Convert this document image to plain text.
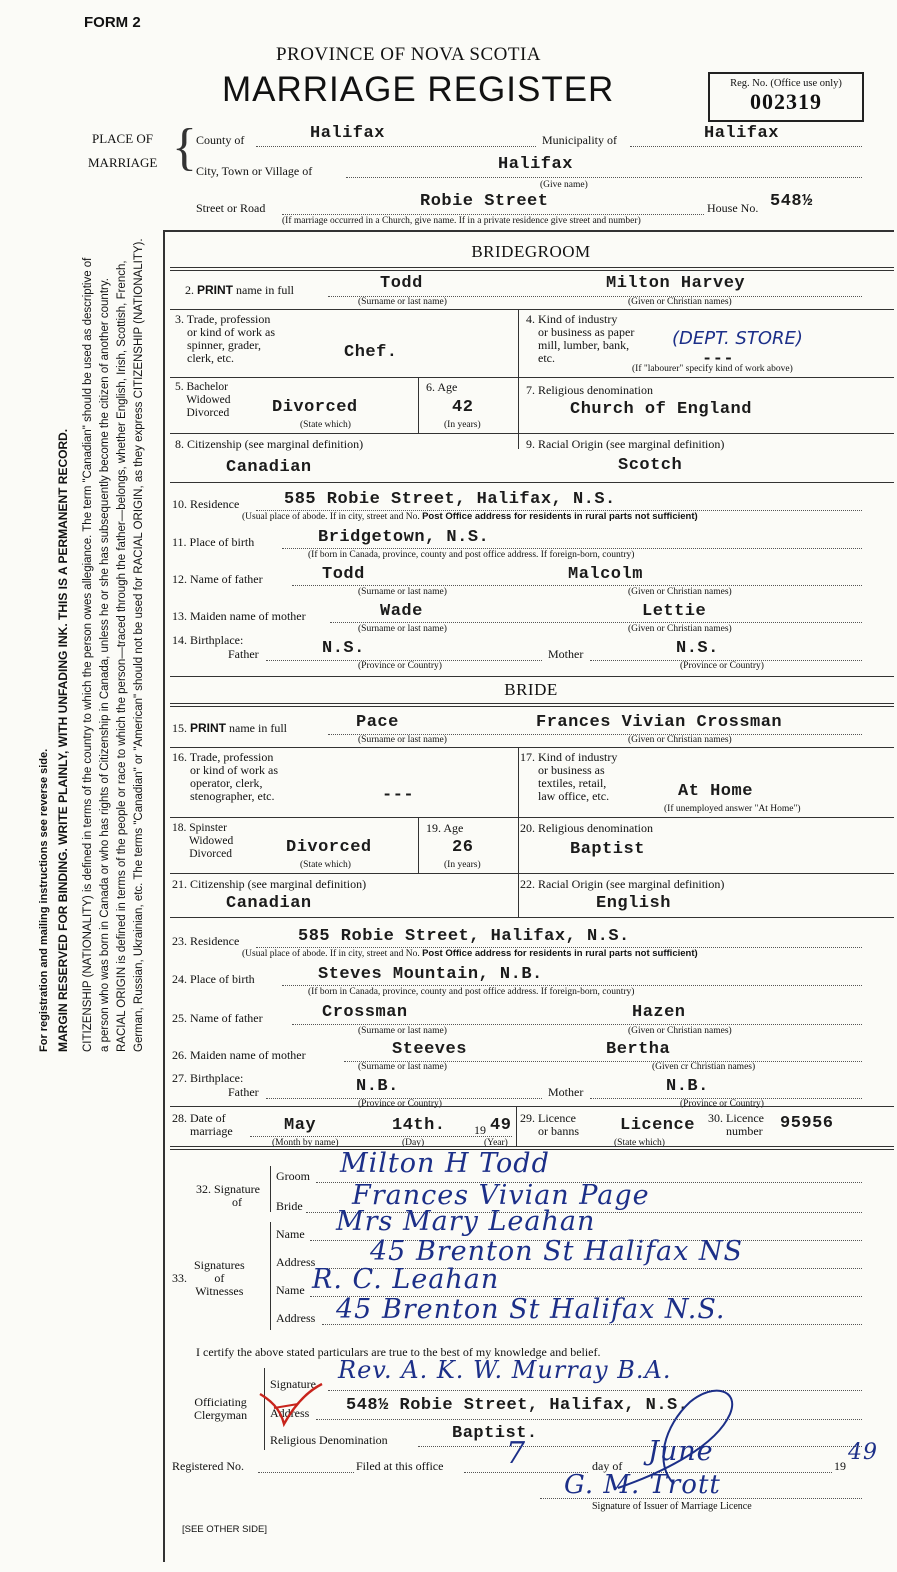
FORM 2
PROVINCE OF NOVA SCOTIA
MARRIAGE REGISTER	Reg. No. (Office use only)
002319
PLACE OF
MARRIAGE { County of	Halifax	Municipality of	Halifax
City, Town or Village of	Halifax
(Give name)
Street or Road	Robie Street	House No. 548½
(If marriage occurred in a Church, give name. If in a private residence give street and number)
For registration and mailing instructions see reverse side. MARGIN RESERVED FOR BINDING. WRITE PLAINLY, WITH UNFADING INK. THIS IS A PERMANENT RECORD. CITIZENSHIP (NATIONALITY) is defined in terms of the country to which the person owes allegiance. The term "Canadian" should be used as descriptive of a person who was born in Canada or who has rights of Citizenship in Canada, unless he or she has subsequently become the citizen of another country. RACIAL ORIGIN is defined in terms of the people or race to which the person—traced through the father—belongs, whether English, Irish, Scottish, French, German, Russian, Ukrainian, etc. The terms "Canadian" or "American" should not be used for RACIAL ORIGIN, as they express CITIZENSHIP (NATIONALITY).	BRIDEGROOM
2. PRINT name in full	Todd	Milton Harvey
(Surname or last name)	(Given or Christian names)
3. Trade, profession
or kind of work as
spinner, grader,
clerk, etc.	Chef.
4. Kind of industry
or business as paper
mill, lumber, bank,
etc.	---
(DEPT. STORE)
(If "labourer" specify kind of work above)
5. Bachelor
Widowed
Divorced	Divorced
(State which)
6. Age
42
(In years)
7. Religious denomination
Church of England
8. Citizenship (see marginal definition)
Canadian
9. Racial Origin (see marginal definition)
Scotch
10. Residence	585 Robie Street, Halifax, N.S.
(Usual place of abode. If in city, street and No. Post Office address for residents in rural parts not sufficient)
11. Place of birth	Bridgetown, N.S.
(If born in Canada, province, county and post office address. If foreign-born, country)
12. Name of father	Todd	Malcolm
(Surname or last name)	(Given or Christian names)
13. Maiden name of mother	Wade	Lettie
(Surname or last name)	(Given or Christian names)
14. Birthplace:
Father	N.S.
(Province or Country)
Mother	N.S.
(Province or Country)
BRIDE
15. PRINT name in full	Pace	Frances Vivian Crossman
(Surname or last name)	(Given or Christian names)
16. Trade, profession
or kind of work as
operator, clerk,
stenographer, etc.	---
17. Kind of industry
or business as
textiles, retail,
law office, etc.	At Home
(If unemployed answer "At Home")
18. Spinster
Widowed
Divorced	Divorced
(State which)
19. Age
26
(In years)
20. Religious denomination
Baptist
21. Citizenship (see marginal definition)
Canadian
22. Racial Origin (see marginal definition)
English
23. Residence	585 Robie Street, Halifax, N.S.
(Usual place of abode. If in city, street and No. Post Office address for residents in rural parts not sufficient)
24. Place of birth	Steves Mountain, N.B.
(If born in Canada, province, county and post office address. If foreign-born, country)
25. Name of father	Crossman	Hazen
(Surname or last name)	(Given or Christian names)
26. Maiden name of mother	Steeves	Bertha
(Surname or last name)	(Given cr Christian names)
27. Birthplace:
Father	N.B.
(Province or Country)
Mother	N.B.
(Province or Country)
28. Date of
marriage	May	14th. 19 49
(Month by name)	(Day)	(Year)
29. Licence
or banns Licence
(State which)
30. Licence
number 95956
32. Signature
of
Groom Milton H Todd
Bride Frances Vivian Page
33.
Signatures
of
Witnesses
Name Mrs Mary Leahan
Address 45 Brenton St Halifax NS
Name R. C. Leahan
Address 45 Brenton St Halifax N.S.
I certify the above stated particulars are true to the best of my knowledge and belief.
Officiating
Clergyman
Signature Rev. A. K. W. Murray B.A.
Address 548½ Robie Street, Halifax, N.S.
Religious Denomination	Baptist.
Registered No.	Filed at this office 7	day of June	19
49
G. M. Trott
Signature of Issuer of Marriage Licence
[SEE OTHER SIDE]
